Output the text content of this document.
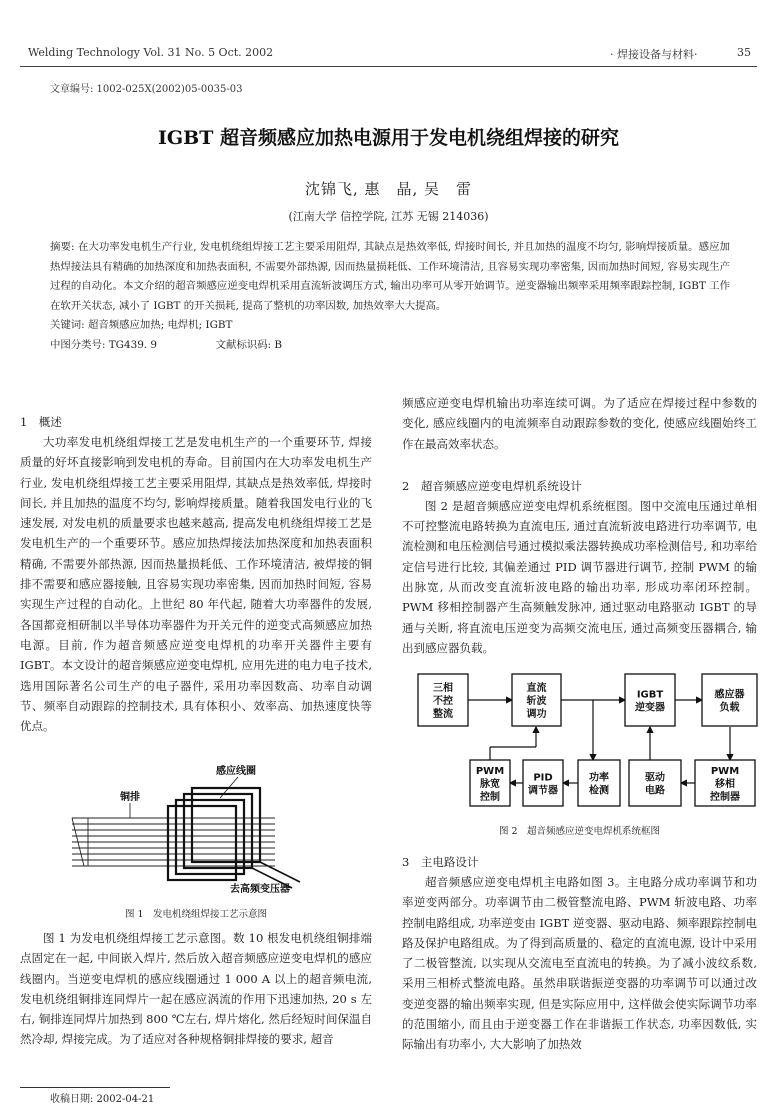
Welding Technology Vol. 31 No. 5 Oct. 2002	· 焊接设备与材料·	35
文章编号: 1002-025X(2002)05-0035-03
IGBT 超音频感应加热电源用于发电机绕组焊接的研究
沈锦飞, 惠　晶, 吴　雷
(江南大学 信控学院, 江苏 无锡 214036)

摘要: 在大功率发电机生产行业, 发电机绕组焊接工艺主要采用阻焊, 其缺点是热效率低, 焊接时间长, 并且加热的温度不均匀, 影响焊接质量。感应加热焊接法具有精确的加热深度和加热表面积, 不需要外部热源, 因而热量损耗低、工作环境清洁, 且容易实现功率密集, 因而加热时间短, 容易实现生产过程的自动化。本文介绍的超音频感应逆变电焊机采用直流斩波调压方式, 输出功率可从零开始调节。逆变器输出频率采用频率跟踪控制, IGBT 工作在软开关状态, 减小了 IGBT 的开关损耗, 提高了整机的功率因数, 加热效率大大提高。

关键词: 超音频感应加热; 电焊机; IGBT

中图分类号: TG439. 9	文献标识码: B

1　概述

大功率发电机绕组焊接工艺是发电机生产的一个重要环节, 焊接质量的好坏直接影响到发电机的寿命。目前国内在大功率发电机生产行业, 发电机绕组焊接工艺主要采用阻焊, 其缺点是热效率低, 焊接时间长, 并且加热的温度不均匀, 影响焊接质量。随着我国发电行业的飞速发展, 对发电机的质量要求也越来越高, 提高发电机绕组焊接工艺是发电机生产的一个重要环节。感应加热焊接法加热深度和加热表面积精确, 不需要外部热源, 因而热量损耗低、工作环境清洁, 被焊接的铜排不需要和感应器接触, 且容易实现功率密集, 因而加热时间短, 容易实现生产过程的自动化。上世纪 80 年代起, 随着大功率器件的发展, 各国都竞相研制以半导体功率器件为开关元件的逆变式高频感应加热电源。目前, 作为超音频感应逆变电焊机的功率开关器件主要有 IGBT。本文设计的超音频感应逆变电焊机, 应用先进的电力电子技术, 选用国际著名公司生产的电子器件, 采用功率因数高、功率自动调节、频率自动跟踪的控制技术, 具有体积小、效率高、加热速度快等优点。

感应线圈
铜排
去高频变压器
图 1　发电机绕组焊接工艺示意图

图 1 为发电机绕组焊接工艺示意图。数 10 根发电机绕组铜排端点固定在一起, 中间嵌入焊片, 然后放入超音频感应逆变电焊机的感应线圈内。当逆变电焊机的感应线圈通过 1 000 A 以上的超音频电流, 发电机绕组铜排连同焊片一起在感应涡流的作用下迅速加热, 20 s 左右, 铜排连同焊片加热到 800 ℃左右, 焊片熔化, 然后经短时间保温自然冷却, 焊接完成。为了适应对各种规格铜排焊接的要求, 超音

收稿日期: 2002-04-21

频感应逆变电焊机输出功率连续可调。为了适应在焊接过程中参数的变化, 感应线圈内的电流频率自动跟踪参数的变化, 使感应线圈始终工作在最高效率状态。

2　超音频感应逆变电焊机系统设计

图 2 是超音频感应逆变电焊机系统框图。图中交流电压通过单相不可控整流电路转换为直流电压, 通过直流斩波电路进行功率调节, 电流检测和电压检测信号通过模拟乘法器转换成功率检测信号, 和功率给定信号进行比较, 其偏差通过 PID 调节器进行调节, 控制 PWM 的输出脉宽, 从而改变直流斩波电路的输出功率, 形成功率闭环控制。PWM 移相控制器产生高频触发脉冲, 通过驱动电路驱动 IGBT 的导通与关断, 将直流电压逆变为高频交流电压, 通过高频变压器耦合, 输出到感应器负载。

三相不控整流
直流斩波调功
IGBT 逆变器
感应器负载
PWM 脉宽控制
PID 调节器
功率检测
驱动电路
PWM 移相控制器
图 2　超音频感应逆变电焊机系统框图

3　主电路设计

超音频感应逆变电焊机主电路如图 3。主电路分成功率调节和功率逆变两部分。功率调节由二极管整流电路、PWM 斩波电路、功率控制电路组成, 功率逆变由 IGBT 逆变器、驱动电路、频率跟踪控制电路及保护电路组成。为了得到高质量的、稳定的直流电源, 设计中采用了二极管整流, 以实现从交流电至直流电的转换。为了减小波纹系数, 采用三相桥式整流电路。虽然串联谐振逆变器的功率调节可以通过改变逆变器的输出频率实现, 但是实际应用中, 这样做会使实际调节功率的范围缩小, 而且由于逆变器工作在非谐振工作状态, 功率因数低, 实际输出有功率小, 大大影响了加热效
